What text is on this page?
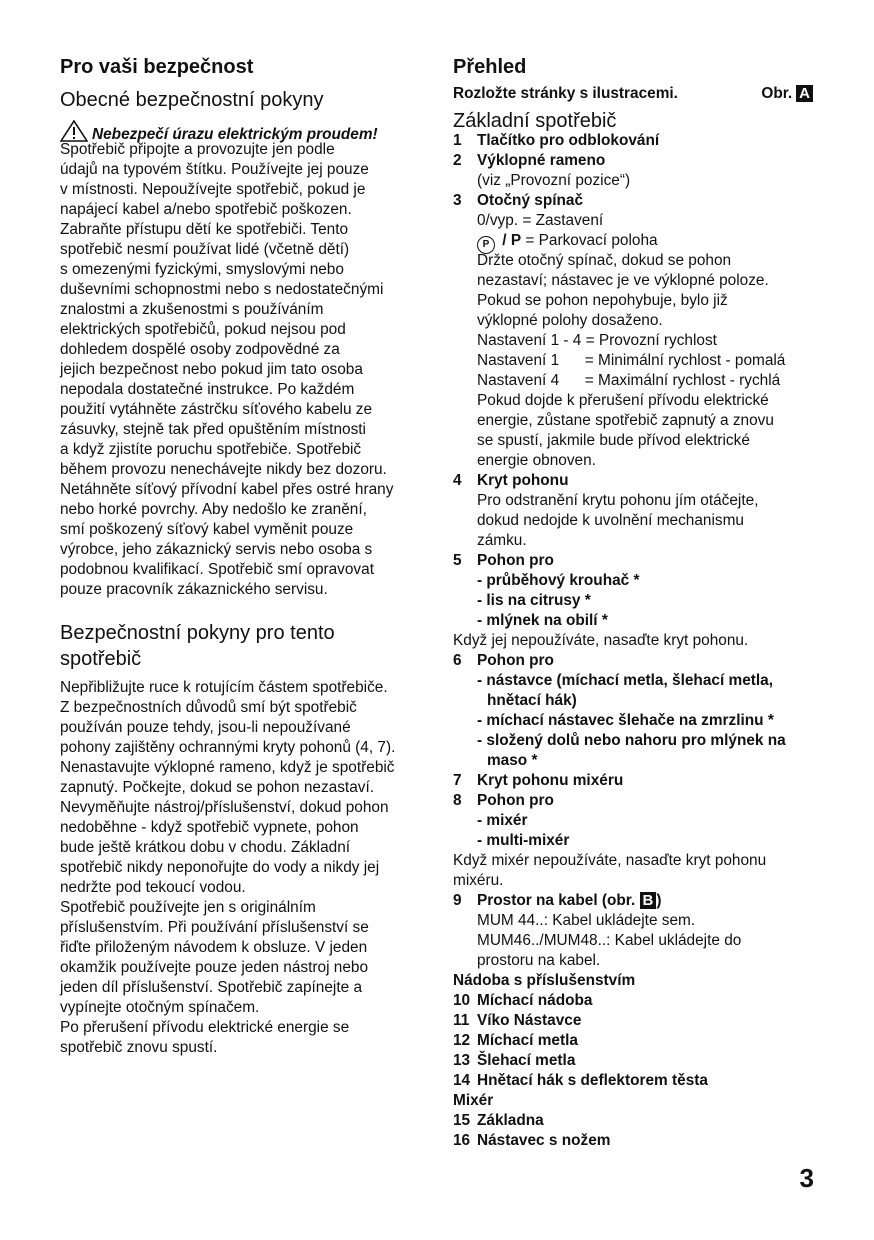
Pro vaši bezpečnost
Obecné bezpečnostní pokyny
Nebezpečí úrazu elektrickým proudem!
Spotřebič připojte a provozujte jen podle
údajů na typovém štítku. Používejte jej pouze
v místnosti. Nepoužívejte spotřebič, pokud je
napájecí kabel a/nebo spotřebič poškozen.
Zabraňte přístupu dětí ke spotřebiči. Tento
spotřebič nesmí používat lidé (včetně dětí)
s omezenými fyzickými, smyslovými nebo
duševními schopnostmi nebo s nedostatečnými
znalostmi a zkušenostmi s používáním
elektrických spotřebičů, pokud nejsou pod
dohledem dospělé osoby zodpovědné za
jejich bezpečnost nebo pokud jim tato osoba
nepodala dostatečné instrukce. Po každém
použití vytáhněte zástrčku síťového kabelu ze
zásuvky, stejně tak před opuštěním místnosti
a když zjistíte poruchu spotřebiče. Spotřebič
během provozu nenechávejte nikdy bez dozoru.
Netáhněte síťový přívodní kabel přes ostré hrany
nebo horké povrchy. Aby nedošlo ke zranění,
smí poškozený síťový kabel vyměnit pouze
výrobce, jeho zákaznický servis nebo osoba s
podobnou kvalifikací. Spotřebič smí opravovat
pouze pracovník zákaznického servisu.
Bezpečnostní pokyny pro tento
spotřebič
Nepřibližujte ruce k rotujícím částem spotřebiče.
Z bezpečnostních důvodů smí být spotřebič
používán pouze tehdy, jsou-li nepoužívané
pohony zajištěny ochrannými kryty pohonů (4, 7).
Nenastavujte výklopné rameno, když je spotřebič
zapnutý. Počkejte, dokud se pohon nezastaví.
Nevyměňujte nástroj/příslušenství, dokud pohon
nedoběhne - když spotřebič vypnete, pohon
bude ještě krátkou dobu v chodu. Základní
spotřebič nikdy neponořujte do vody a nikdy jej
nedržte pod tekoucí vodou.
Spotřebič používejte jen s originálním
příslušenstvím. Při používání příslušenství se
řiďte přiloženým návodem k obsluze. V jeden
okamžik používejte pouze jeden nástroj nebo
jeden díl příslušenství. Spotřebič zapínejte a
vypínejte otočným spínačem.
Po přerušení přívodu elektrické energie se
spotřebič znovu spustí.
Přehled
Rozložte stránky s ilustracemi.	Obr. A
Základní spotřebič
1 Tlačítko pro odblokování
2 Výklopné rameno
(viz „Provozní pozice“)
3 Otočný spínač
0/vyp. = Zastavení
P / P = Parkovací poloha
Držte otočný spínač, dokud se pohon
nezastaví; nástavec je ve výklopné poloze.
Pokud se pohon nepohybuje, bylo již
výklopné polohy dosaženo.
Nastavení 1 - 4 = Provozní rychlost
Nastavení 1      = Minimální rychlost - pomalá
Nastavení 4      = Maximální rychlost - rychlá
Pokud dojde k přerušení přívodu elektrické
energie, zůstane spotřebič zapnutý a znovu
se spustí, jakmile bude přívod elektrické
energie obnoven.
4 Kryt pohonu
Pro odstranění krytu pohonu jím otáčejte,
dokud nedojde k uvolnění mechanismu
zámku.
5 Pohon pro
- průběhový krouhač *
- lis na citrusy *
- mlýnek na obilí *
Když jej nepoužíváte, nasaďte kryt pohonu.
6 Pohon pro
- nástavce (míchací metla, šlehací metla,
hnětací hák)
- míchací nástavec šlehače na zmrzlinu *
- složený dolů nebo nahoru pro mlýnek na
maso *
7 Kryt pohonu mixéru
8 Pohon pro
- mixér
- multi-mixér
Když mixér nepoužíváte, nasaďte kryt pohonu
mixéru.
9 Prostor na kabel (obr. B )
MUM 44..: Kabel ukládejte sem.
MUM46../MUM48..: Kabel ukládejte do
prostoru na kabel.
Nádoba s příslušenstvím
10 Míchací nádoba
11 Víko Nástavce
12 Míchací metla
13 Šlehací metla
14 Hnětací hák s deflektorem těsta
Mixér
15 Základna
16 Nástavec s nožem
3
